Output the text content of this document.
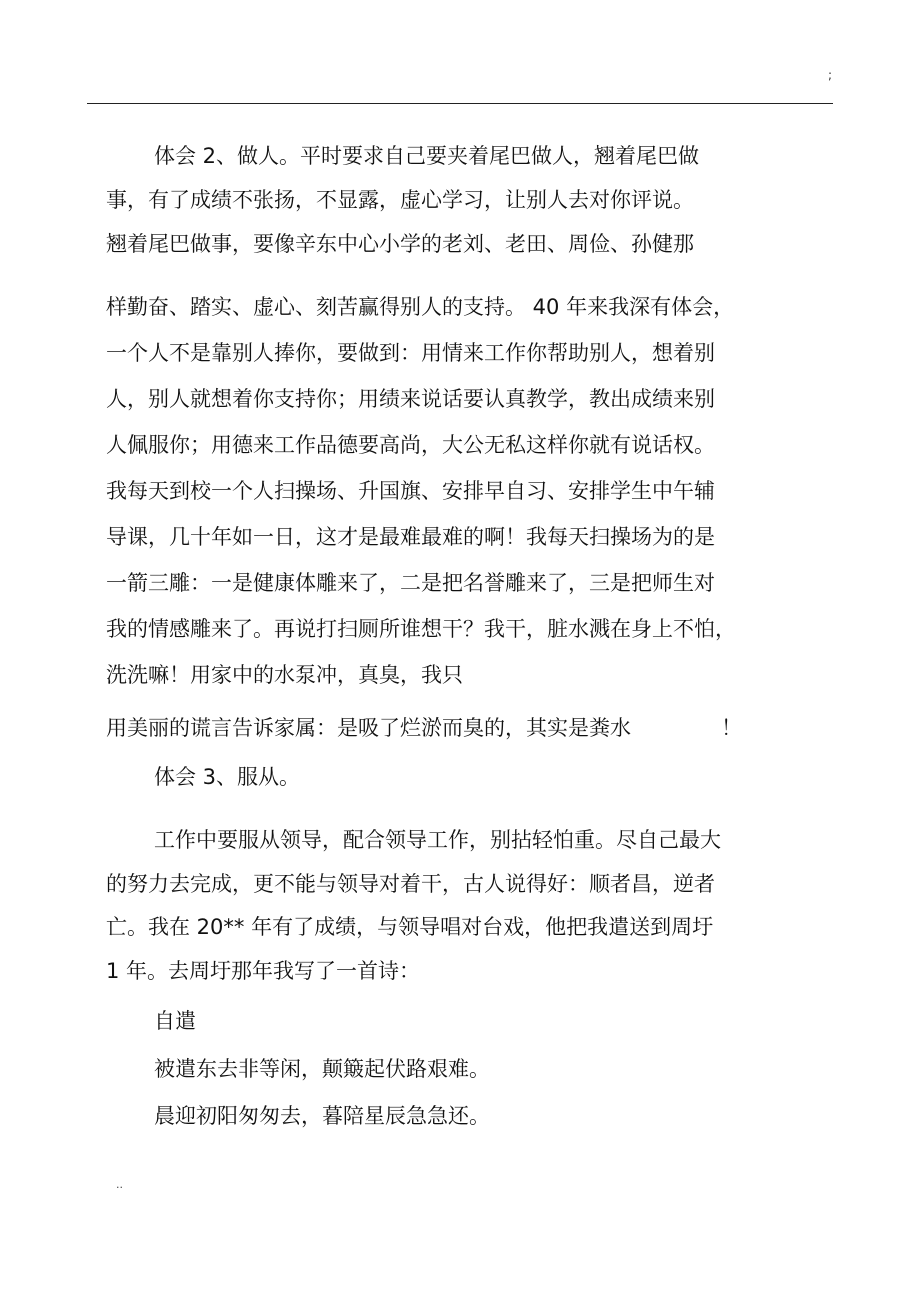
;
体会 2、做人。平时要求自己要夹着尾巴做人，翘着尾巴做
事，有了成绩不张扬，不显露，虚心学习，让别人去对你评说。
翘着尾巴做事，要像辛东中心小学的老刘、老田、周俭、孙健那
样勤奋、踏实、虚心、刻苦赢得别人的支持。 40 年来我深有体会，
一个人不是靠别人捧你，要做到：用情来工作你帮助别人，想着别
人，别人就想着你支持你；用绩来说话要认真教学，教出成绩来别
人佩服你；用德来工作品德要高尚，大公无私这样你就有说话权。
我每天到校一个人扫操场、升国旗、安排早自习、安排学生中午辅
导课，几十年如一日，这才是最难最难的啊！我每天扫操场为的是
一箭三雕：一是健康体雕来了，二是把名誉雕来了，三是把师生对
我的情感雕来了。再说打扫厕所谁想干？我干，脏水溅在身上不怕，
洗洗嘛！用家中的水泵冲，真臭，我只
用美丽的谎言告诉家属：是吸了烂淤而臭的，其实是粪水	！
体会 3、服从。
工作中要服从领导，配合领导工作，别拈轻怕重。尽自己最大
的努力去完成，更不能与领导对着干，古人说得好：顺者昌，逆者
亡。我在 20** 年有了成绩，与领导唱对台戏，他把我遣送到周圩
1 年。去周圩那年我写了一首诗：
自遣
被遣东去非等闲，颠簸起伏路艰难。
晨迎初阳匆匆去，暮陪星辰急急还。
..
